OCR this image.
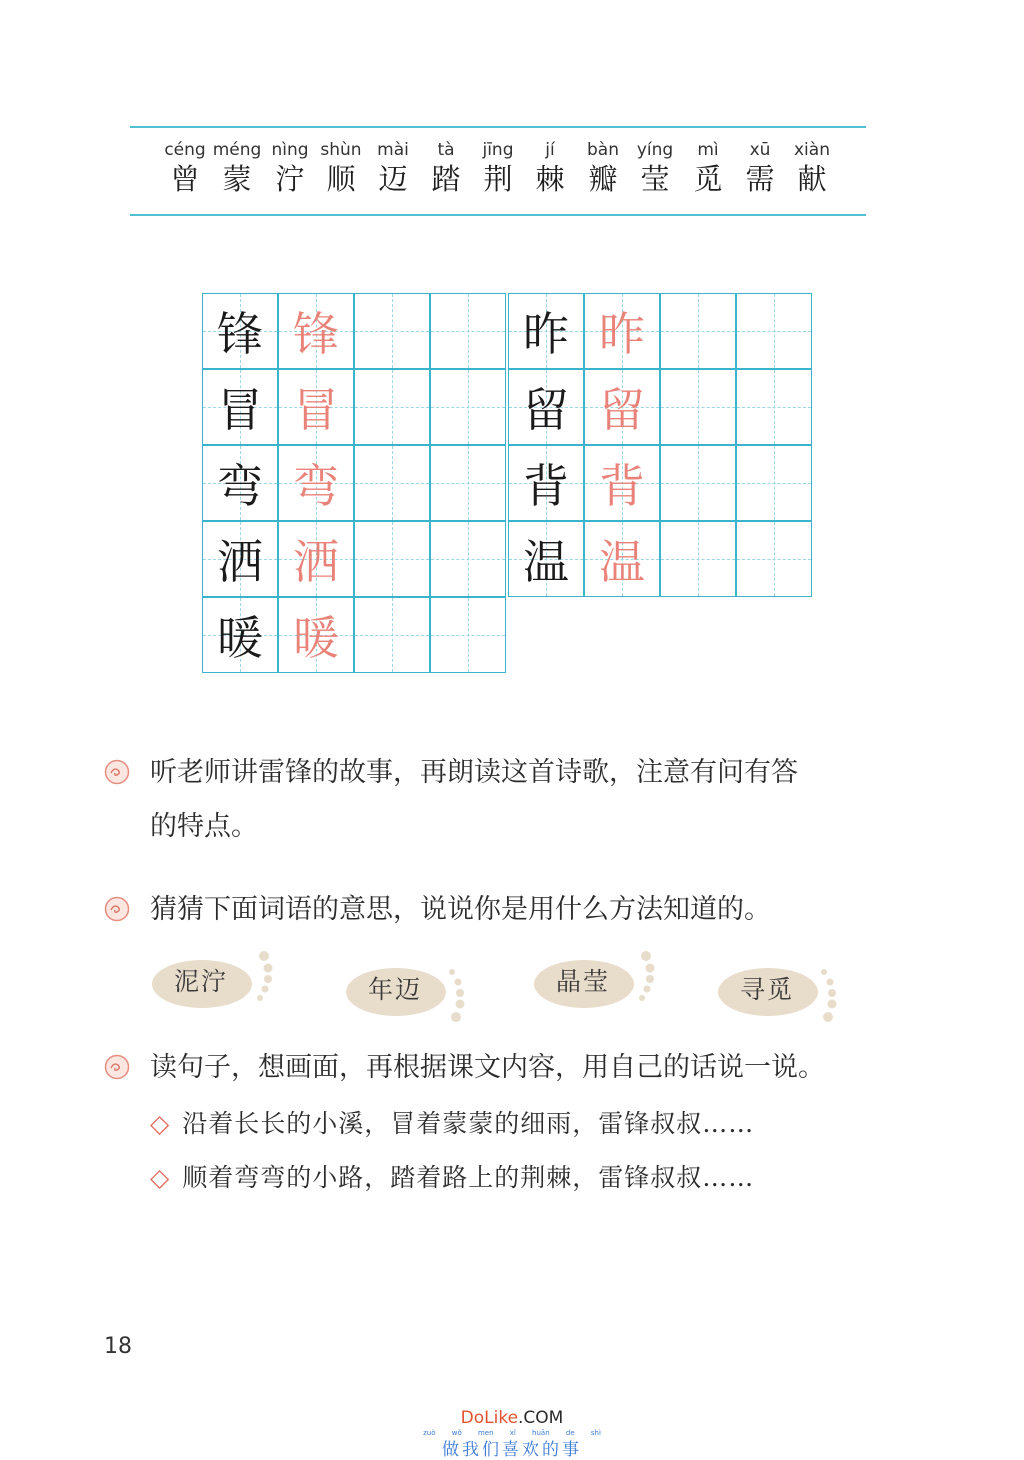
céng
曾
méng
蒙
nìng
泞
shùn
顺
mài
迈
tà
踏
jīng
荆
jí
棘
bàn
瓣
yíng
莹
mì
觅
xū
需
xiàn
献
锋 锋
冒 冒
弯 弯
洒 洒
暖 暖
昨 昨
留 留
背 背
温 温
听老师讲雷锋的故事，再朗读这首诗歌，注意有问有答
的特点。
猜猜下面词语的意思，说说你是用什么方法知道的。
泥泞	年迈	晶莹	寻觅
读句子，想画面，再根据课文内容，用自己的话说一说。
◇ 沿着长长的小溪，冒着蒙蒙的细雨，雷锋叔叔……
◇ 顺着弯弯的小路，踏着路上的荆棘，雷锋叔叔……
18
DoLike.COM
zuò wǒ men xǐ huān de shì
做我们喜欢的事
